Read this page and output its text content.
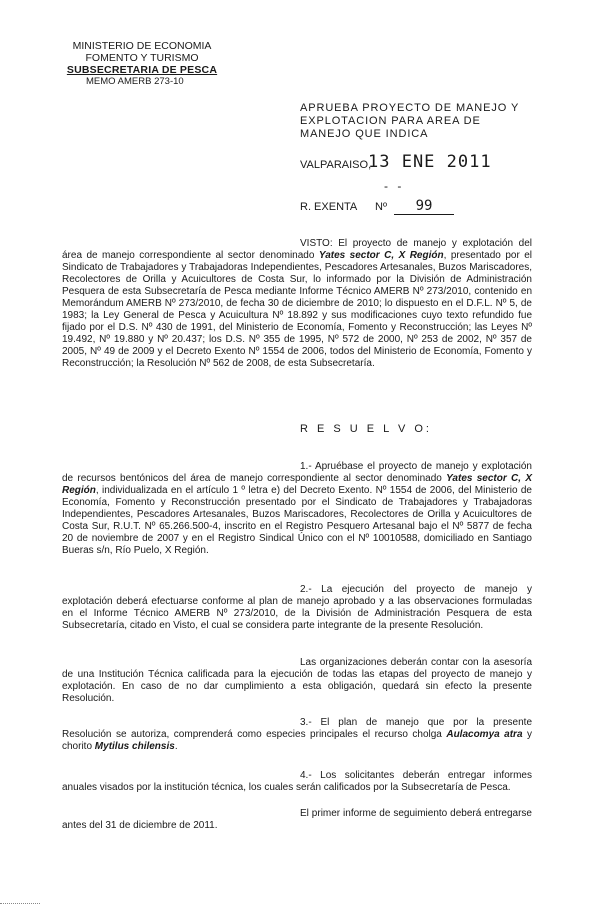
MINISTERIO DE ECONOMIA
FOMENTO Y TURISMO
SUBSECRETARIA DE PESCA
MEMO AMERB 273-10
APRUEBA PROYECTO DE MANEJO Y EXPLOTACION PARA AREA DE MANEJO QUE INDICA
VALPARAISO,
13 ENE 2011
- -
R. EXENTA Nº 99
VISTO: El proyecto de manejo y explotación del área de manejo correspondiente al sector denominado Yates sector C, X Región, presentado por el Sindicato de Trabajadores y Trabajadoras Independientes, Pescadores Artesanales, Buzos Mariscadores, Recolectores de Orilla y Acuicultores de Costa Sur, lo informado por la División de Administración Pesquera de esta Subsecretaría de Pesca mediante Informe Técnico AMERB Nº 273/2010, contenido en Memorándum AMERB Nº 273/2010, de fecha 30 de diciembre de 2010; lo dispuesto en el D.F.L. Nº 5, de 1983; la Ley General de Pesca y Acuicultura Nº 18.892 y sus modificaciones cuyo texto refundido fue fijado por el D.S. Nº 430 de 1991, del Ministerio de Economía, Fomento y Reconstrucción; las Leyes Nº 19.492, Nº 19.880 y Nº 20.437; los D.S. Nº 355 de 1995, Nº 572 de 2000, Nº 253 de 2002, Nº 357 de 2005, Nº 49 de 2009 y el Decreto Exento Nº 1554 de 2006, todos del Ministerio de Economía, Fomento y Reconstrucción; la Resolución Nº 562 de 2008, de esta Subsecretaría.
R E S U E L V O:
1.- Apruébase el proyecto de manejo y explotación de recursos bentónicos del área de manejo correspondiente al sector denominado Yates sector C, X Región, individualizada en el artículo 1 º letra e) del Decreto Exento. Nº 1554 de 2006, del Ministerio de Economía, Fomento y Reconstrucción presentado por el Sindicato de Trabajadores y Trabajadoras Independientes, Pescadores Artesanales, Buzos Mariscadores, Recolectores de Orilla y Acuicultores de Costa Sur, R.U.T. Nº 65.266.500-4, inscrito en el Registro Pesquero Artesanal bajo el Nº 5877 de fecha 20 de noviembre de 2007 y en el Registro Sindical Único con el Nº 10010588, domiciliado en Santiago Bueras s/n, Río Puelo, X Región.
2.- La ejecución del proyecto de manejo y explotación deberá efectuarse conforme al plan de manejo aprobado y a las observaciones formuladas en el Informe Técnico AMERB Nº 273/2010, de la División de Administración Pesquera de esta Subsecretaría, citado en Visto, el cual se considera parte integrante de la presente Resolución.
Las organizaciones deberán contar con la asesoría de una Institución Técnica calificada para la ejecución de todas las etapas del proyecto de manejo y explotación. En caso de no dar cumplimiento a esta obligación, quedará sin efecto la presente Resolución.
3.- El plan de manejo que por la presente Resolución se autoriza, comprenderá como especies principales el recurso cholga Aulacomya atra y chorito Mytilus chilensis.
4.- Los solicitantes deberán entregar informes anuales visados por la institución técnica, los cuales serán calificados por la Subsecretaría de Pesca.
El primer informe de seguimiento deberá entregarse antes del 31 de diciembre de 2011.
